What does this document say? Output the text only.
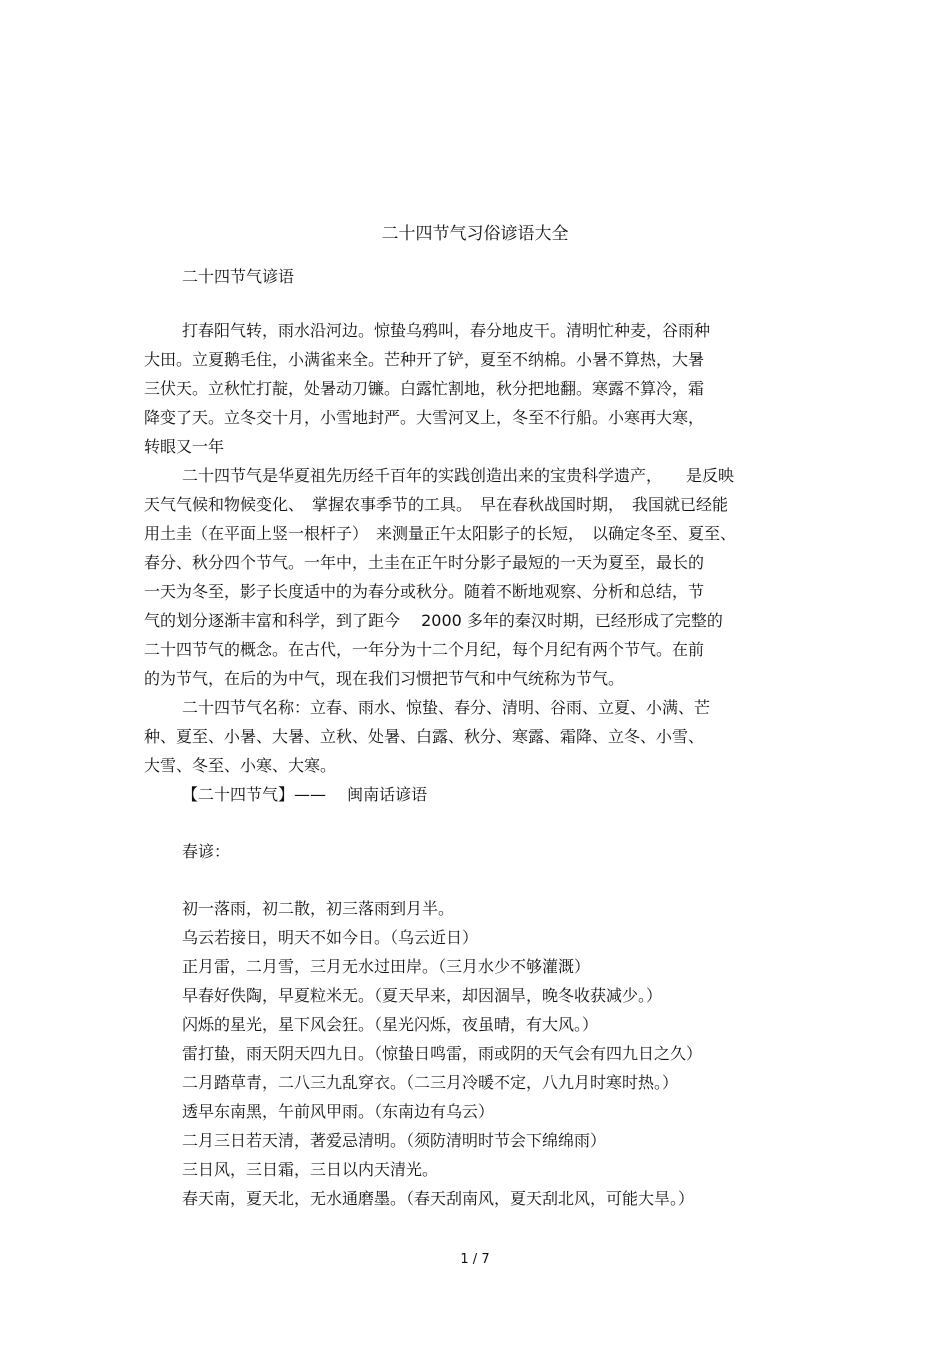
二十四节气习俗谚语大全
二十四节气谚语
打春阳气转，雨水沿河边。惊蛰乌鸦叫，春分地皮干。清明忙种麦，谷雨种
大田。立夏鹅毛住，小满雀来全。芒种开了铲，夏至不纳棉。小暑不算热，大暑
三伏天。立秋忙打靛，处暑动刀镰。白露忙割地，秋分把地翻。寒露不算冷，霜
降变了天。立冬交十月，小雪地封严。大雪河叉上，冬至不行船。小寒再大寒，
转眼又一年
二十四节气是华夏祖先历经千百年的实践创造出来的宝贵科学遗产，　　是反映
天气气候和物候变化、　掌握农事季节的工具。　早在春秋战国时期，　我国就已经能
用土圭（在平面上竖一根杆子）　来测量正午太阳影子的长短，　以确定冬至、夏至、
春分、秋分四个节气。一年中，土圭在正午时分影子最短的一天为夏至，最长的
一天为冬至，影子长度适中的为春分或秋分。随着不断地观察、分析和总结，节
气的划分逐渐丰富和科学，到了距今　 2000 多年的秦汉时期，已经形成了完整的
二十四节气的概念。在古代，一年分为十二个月纪，每个月纪有两个节气。在前
的为节气，在后的为中气，现在我们习惯把节气和中气统称为节气。
二十四节气名称：立春、雨水、惊蛰、春分、清明、谷雨、立夏、小满、芒
种、夏至、小暑、大暑、立秋、处暑、白露、秋分、寒露、霜降、立冬、小雪、
大雪、冬至、小寒、大寒。
【二十四节气】——　 闽南话谚语
春谚：
初一落雨，初二散，初三落雨到月半。
乌云若接日，明天不如今日。（乌云近日）
正月雷，二月雪，三月无水过田岸。（三月水少不够灌溉）
早春好佚陶，早夏粒米无。（夏天早来，却因涸旱，晚冬收获减少。）
闪烁的星光，星下风会狂。（星光闪烁，夜虽晴，有大风。）
雷打蛰，雨天阴天四九日。（惊蛰日鸣雷，雨或阴的天气会有四九日之久）
二月踏草青，二八三九乱穿衣。（二三月冷暖不定，八九月时寒时热。）
透早东南黑，午前风甲雨。（东南边有乌云）
二月三日若天清，著爱忌清明。（须防清明时节会下绵绵雨）
三日风，三日霜，三日以内天清光。
春天南，夏天北，无水通磨墨。（春天刮南风，夏天刮北风，可能大旱。）
1 / 7
